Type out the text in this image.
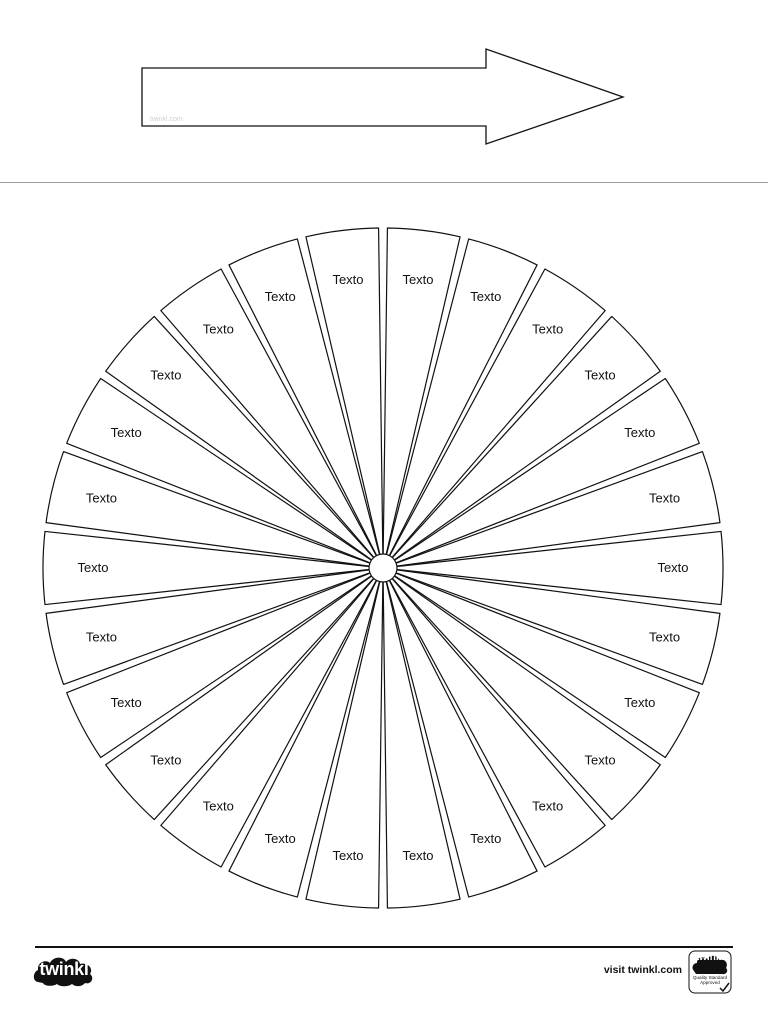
twinkl.com
Texto
Texto
Texto
Texto
Texto
Texto
Texto
Texto
Texto
Texto
Texto
Texto
Texto
Texto
Texto
Texto
Texto
Texto
Texto
Texto
Texto
Texto
Texto
Texto
Texto
Texto
twinkl	visit twinkl.com
twinkl
Quality Standard
Approved
